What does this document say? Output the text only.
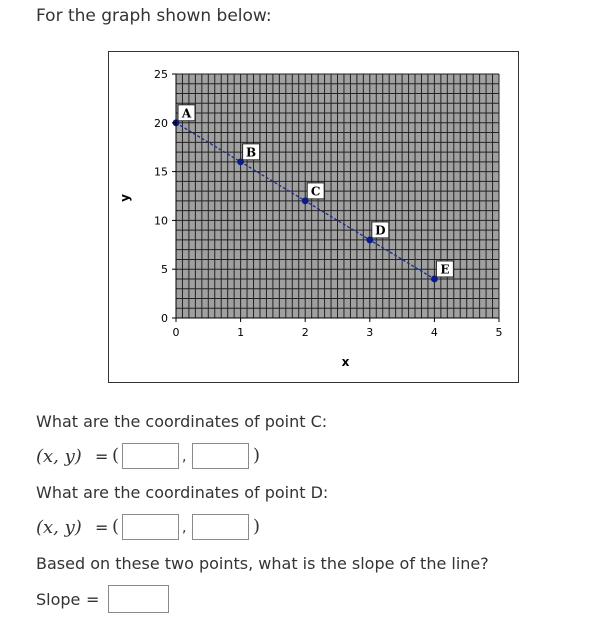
For the graph shown below:
A
B
C
D
E
0
5
10
15
20
25
0	1	2	3	4	5
x
y
What are the coordinates of point C:
(x, y) = (	,	)
What are the coordinates of point D:
(x, y) = (	,	)
Based on these two points, what is the slope of the line?
Slope =
